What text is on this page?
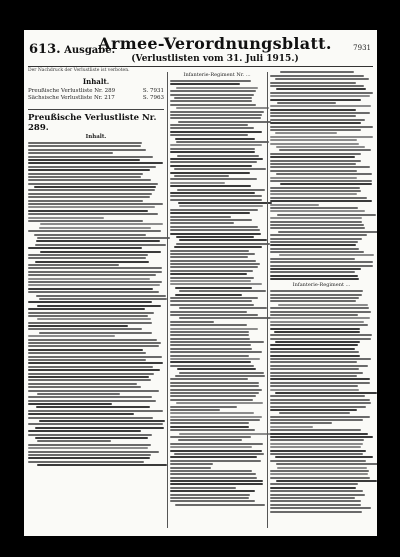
613. Ausgabe.
Armee-Verordnungsblatt.
(Verlustlisten vom 31. Juli 1915.)
7931
Der Nachdruck der Verlustliste ist verboten.
Inhalt.
Preußische Verlustliste Nr. 289	S. 7931
Sächsische Verlustliste Nr. 217	S. 7963
Preußische Verlustliste Nr. 289.
Inhalt.
Infanterie-Regiment Nr. ...
Infanterie-Regiment ...
